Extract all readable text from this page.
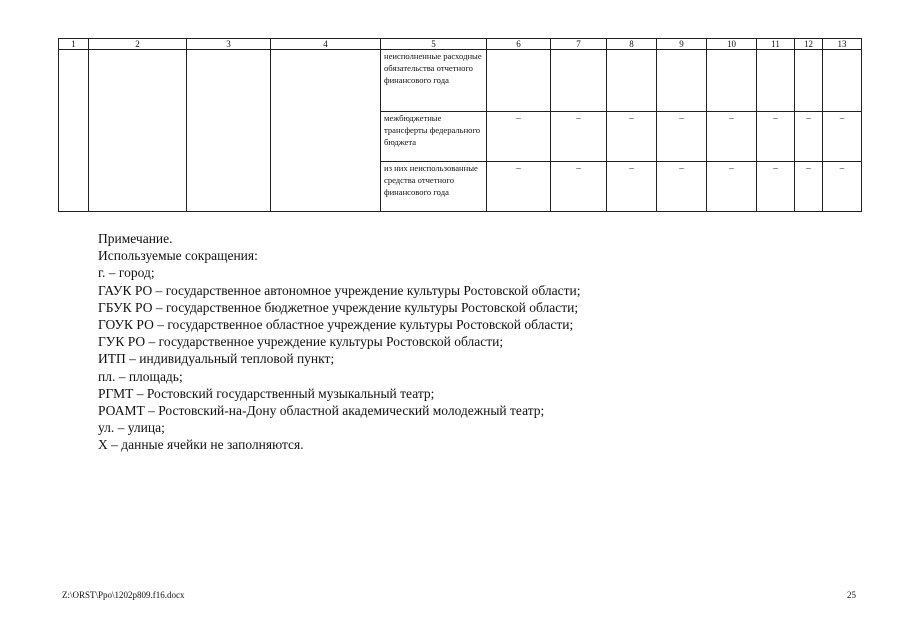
1	2	3	4	5	6	7	8	9	10	11	12	13
				неисполненные расходные обязательства отчетного финансового года								
				межбюджетные трансферты федерального бюджета	–	–	–	–	–	–	–	–
				из них неиспользованные средства отчетного финансового года	–	–	–	–	–	–	–	–
Примечание.
Используемые сокращения:
г. – город;
ГАУК РО – государственное автономное учреждение культуры Ростовской области;
ГБУК РО – государственное бюджетное учреждение культуры Ростовской области;
ГОУК РО – государственное областное учреждение культуры Ростовской области;
ГУК РО – государственное учреждение культуры Ростовской области;
ИТП – индивидуальный тепловой пункт;
пл. – площадь;
РГМТ – Ростовский государственный музыкальный театр;
РОАМТ – Ростовский-на-Дону областной академический молодежный театр;
ул. – улица;
Х – данные ячейки не заполняются.
Z:\ORST\Ppo\1202p809.f16.docx	25
